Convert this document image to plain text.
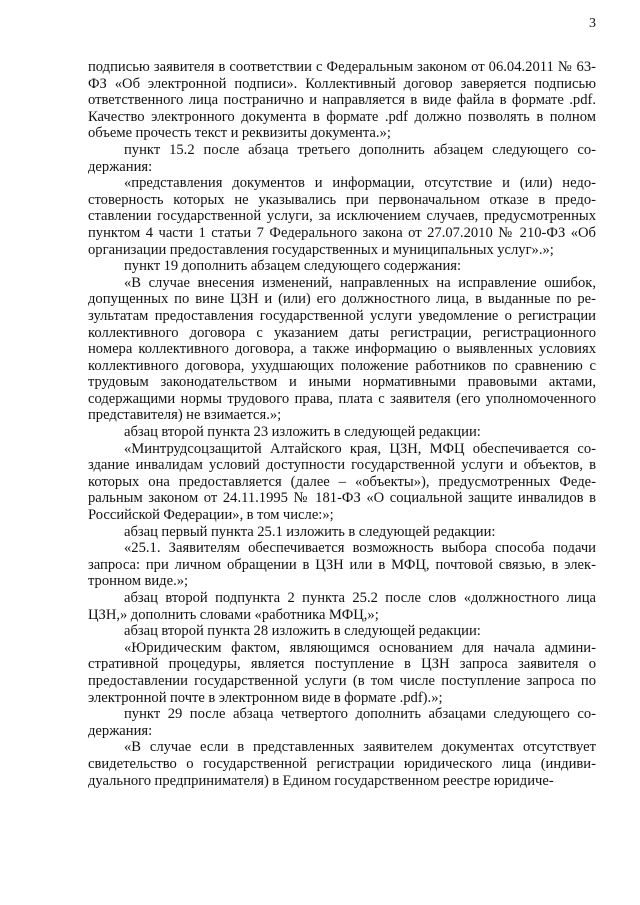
3

подписью заявителя в соответствии с Федеральным законом от 06.04.2011 № 63-ФЗ «Об электронной подписи». Коллективный договор заверяется подписью ответственного лица постранично и направляется в виде файла в формате .pdf. Качество электронного документа в формате .pdf должно позволять в полном объеме прочесть текст и реквизиты документа.»;

пункт 15.2 после абзаца третьего дополнить абзацем следующего содержания:

«представления документов и информации, отсутствие и (или) недостоверность которых не указывались при первоначальном отказе в предоставлении государственной услуги, за исключением случаев, предусмотренных пунктом 4 части 1 статьи 7 Федерального закона от 27.07.2010 № 210-ФЗ «Об организации предоставления государственных и муниципальных услуг».»;

пункт 19 дополнить абзацем следующего содержания:

«В случае внесения изменений, направленных на исправление ошибок, допущенных по вине ЦЗН и (или) его должностного лица, в выданные по результатам предоставления государственной услуги уведомление о регистрации коллективного договора с указанием даты регистрации, регистрационного номера коллективного договора, а также информацию о выявленных условиях коллективного договора, ухудшающих положение работников по сравнению с трудовым законодательством и иными нормативными правовыми актами, содержащими нормы трудового права, плата с заявителя (его уполномоченного представителя) не взимается.»;

абзац второй пункта 23 изложить в следующей редакции:

«Минтрудсоцзащитой Алтайского края, ЦЗН, МФЦ обеспечивается создание инвалидам условий доступности государственной услуги и объектов, в которых она предоставляется (далее – «объекты»), предусмотренных Федеральным законом от 24.11.1995 № 181-ФЗ «О социальной защите инвалидов в Российской Федерации», в том числе:»;

абзац первый пункта 25.1 изложить в следующей редакции:

«25.1. Заявителям обеспечивается возможность выбора способа подачи запроса: при личном обращении в ЦЗН или в МФЦ, почтовой связью, в электронном виде.»;

абзац второй подпункта 2 пункта 25.2 после слов «должностного лица ЦЗН,» дополнить словами «работника МФЦ,»;

абзац второй пункта 28 изложить в следующей редакции:

«Юридическим фактом, являющимся основанием для начала административной процедуры, является поступление в ЦЗН запроса заявителя о предоставлении государственной услуги (в том числе поступление запроса по электронной почте в электронном виде в формате .pdf).»;

пункт 29 после абзаца четвертого дополнить абзацами следующего содержания:

«В случае если в представленных заявителем документах отсутствует свидетельство о государственной регистрации юридического лица (индивидуального предпринимателя) в Едином государственном реестре юридиче-
